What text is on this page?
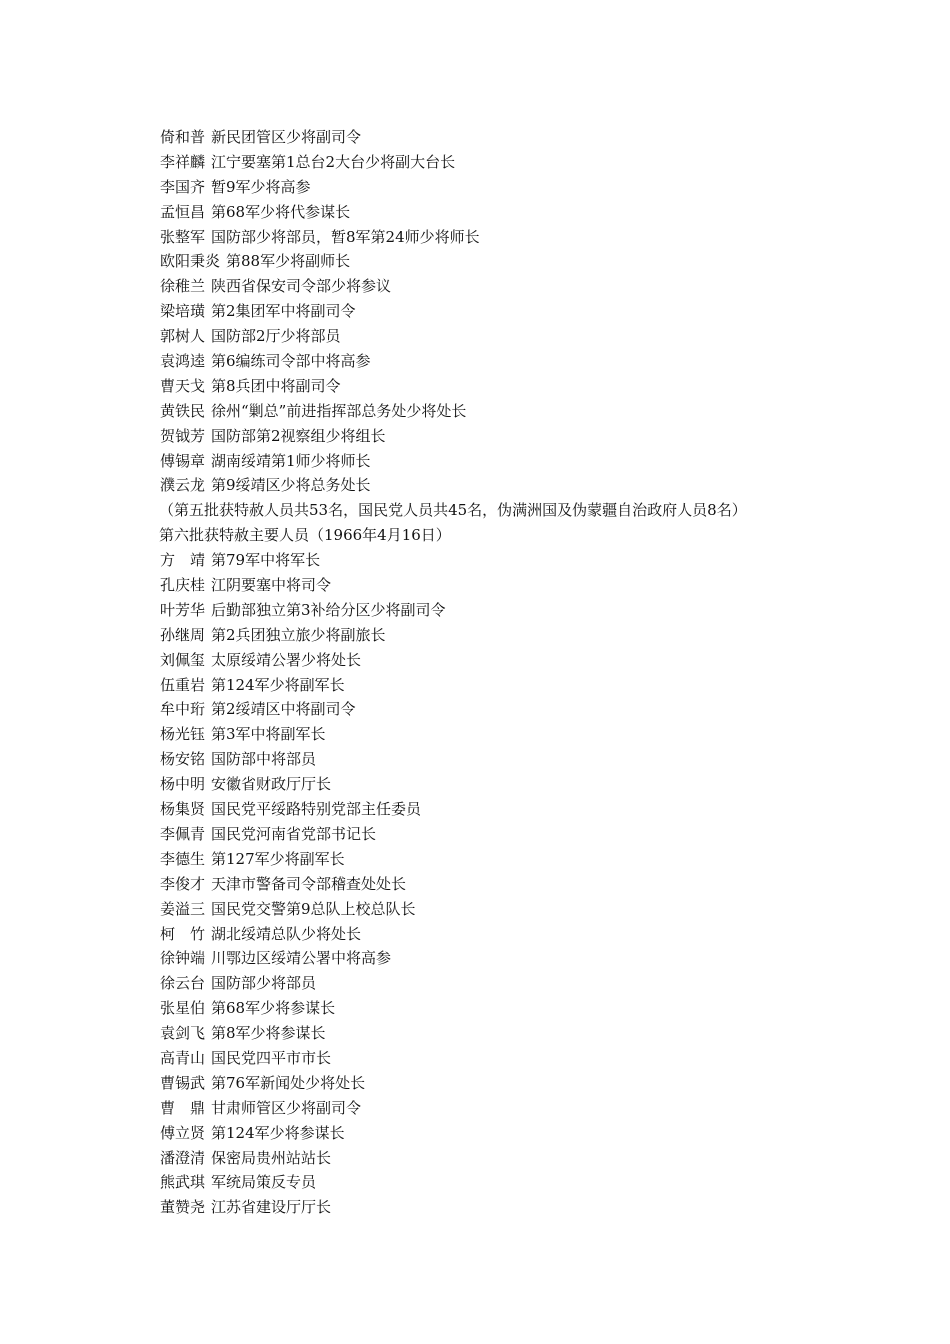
倚和普 新民团管区少将副司令
李祥麟 江宁要塞第1总台2大台少将副大台长
李国齐 暂9军少将高参
孟恒昌 第68军少将代参谋长
张整军 国防部少将部员，暂8军第24师少将师长
欧阳秉炎 第88军少将副师长
徐稚兰 陕西省保安司令部少将参议
梁培璜 第2集团军中将副司令
郭树人 国防部2厅少将部员
袁鸿逵 第6编练司令部中将高参
曹天戈 第8兵团中将副司令
黄铁民 徐州“剿总”前进指挥部总务处少将处长
贺钺芳 国防部第2视察组少将组长
傅锡章 湖南绥靖第1师少将师长
濮云龙 第9绥靖区少将总务处长
（第五批获特赦人员共53名，国民党人员共45名，伪满洲国及伪蒙疆自治政府人员8名）
第六批获特赦主要人员（1966年4月16日）
方　靖 第79军中将军长
孔庆桂 江阴要塞中将司令
叶芳华 后勤部独立第3补给分区少将副司令
孙继周 第2兵团独立旅少将副旅长
刘佩玺 太原绥靖公署少将处长
伍重岩 第124军少将副军长
牟中珩 第2绥靖区中将副司令
杨光钰 第3军中将副军长
杨安铭 国防部中将部员
杨中明 安徽省财政厅厅长
杨集贤 国民党平绥路特别党部主任委员
李佩青 国民党河南省党部书记长
李德生 第127军少将副军长
李俊才 天津市警备司令部稽查处处长
姜溢三 国民党交警第9总队上校总队长
柯　竹 湖北绥靖总队少将处长
徐钟端 川鄂边区绥靖公署中将高参
徐云台 国防部少将部员
张星伯 第68军少将参谋长
袁剑飞 第8军少将参谋长
高青山 国民党四平市市长
曹锡武 第76军新闻处少将处长
曹　鼎 甘肃师管区少将副司令
傅立贤 第124军少将参谋长
潘澄清 保密局贵州站站长
熊武琪 军统局策反专员
董赞尧 江苏省建设厅厅长
